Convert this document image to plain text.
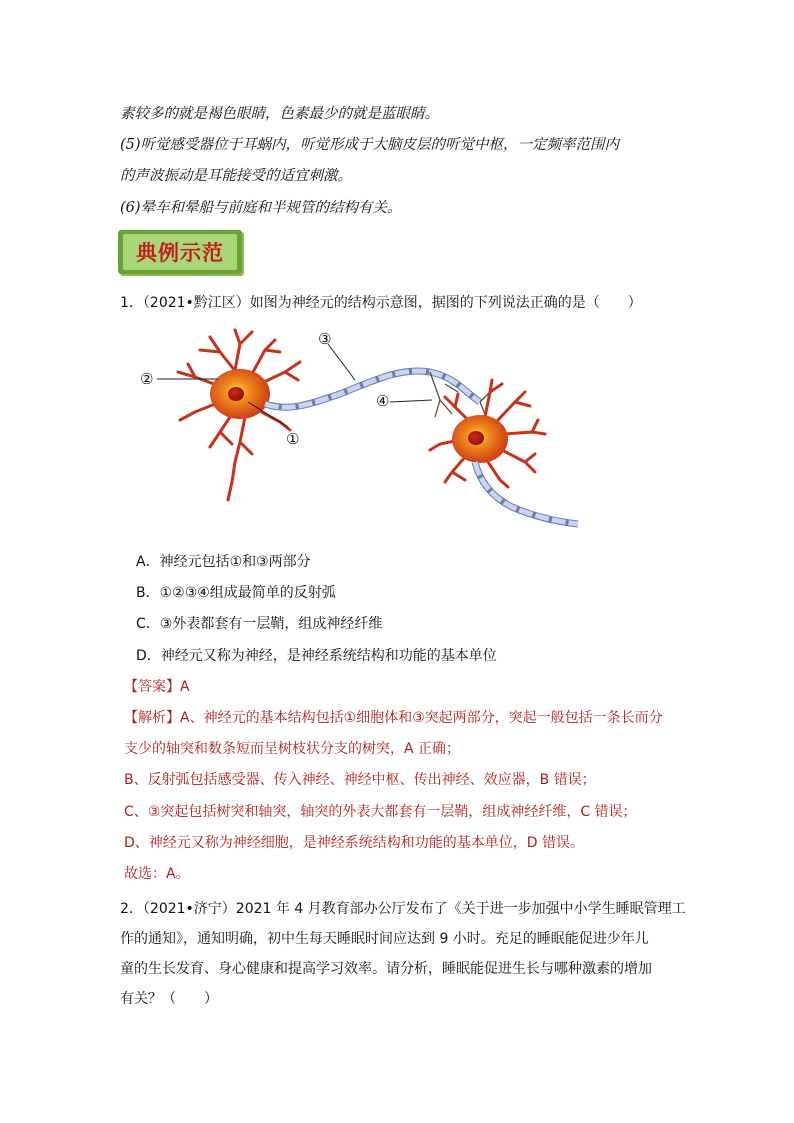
素较多的就是褐色眼睛，色素最少的就是蓝眼睛。
(5)听觉感受器位于耳蜗内，听觉形成于大脑皮层的听觉中枢，一定频率范围内
的声波振动是耳能接受的适宜刺激。
(6)晕车和晕船与前庭和半规管的结构有关。
典例示范
1．（2021•黔江区）如图为神经元的结构示意图，据图的下列说法正确的是（　　）
②
①
③
④
A．神经元包括①和③两部分
B．①②③④组成最简单的反射弧
C．③外表都套有一层鞘，组成神经纤维
D．神经元又称为神经，是神经系统结构和功能的基本单位
【答案】A
【解析】A、神经元的基本结构包括①细胞体和③突起两部分，突起一般包括一条长而分
支少的轴突和数条短而呈树枝状分支的树突，A 正确；
B、反射弧包括感受器、传入神经、神经中枢、传出神经、效应器，B 错误；
C、③突起包括树突和轴突，轴突的外表大都套有一层鞘，组成神经纤维，C 错误；
D、神经元又称为神经细胞，是神经系统结构和功能的基本单位，D 错误。
故选：A。
2．（2021•济宁）2021 年 4 月教育部办公厅发布了《关于进一步加强中小学生睡眠管理工
作的通知》，通知明确，初中生每天睡眠时间应达到 9 小时。充足的睡眠能促进少年儿
童的生长发育、身心健康和提高学习效率。请分析，睡眠能促进生长与哪种激素的增加
有关？（　　）
